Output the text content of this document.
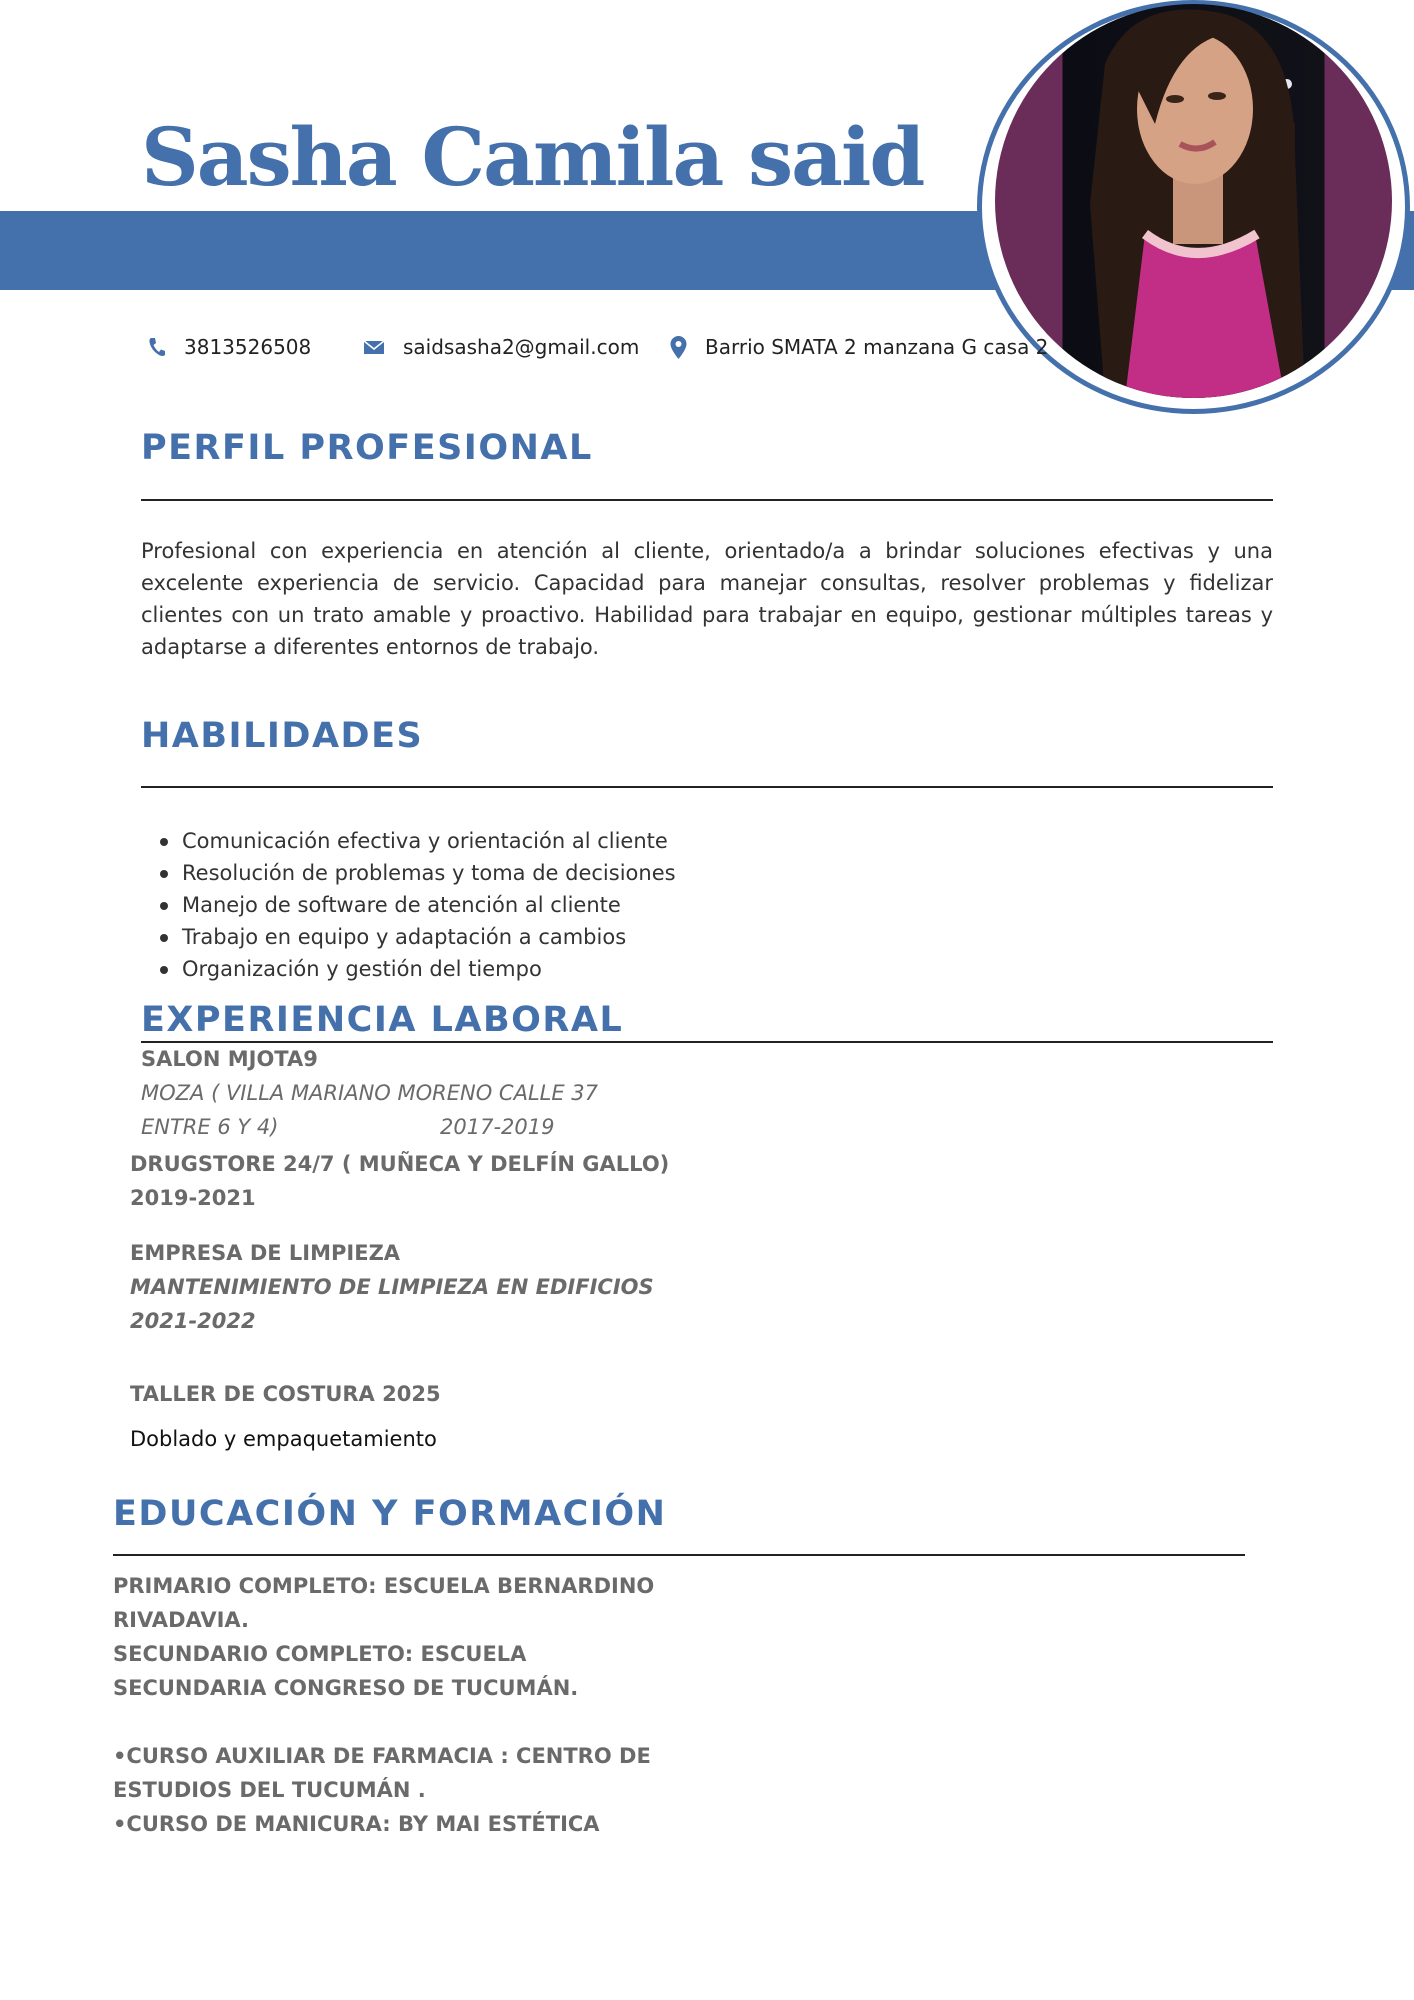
Sasha Camila said
3813526508	saidsasha2@gmail.com	Barrio SMATA 2 manzana G casa 2
PERFIL PROFESIONAL
Profesional con experiencia en atención al cliente, orientado/a a brindar soluciones efectivas y una excelente experiencia de servicio. Capacidad para manejar consultas, resolver problemas y fidelizar clientes con un trato amable y proactivo. Habilidad para trabajar en equipo, gestionar múltiples tareas y adaptarse a diferentes entornos de trabajo.
HABILIDADES
Comunicación efectiva y orientación al cliente
Resolución de problemas y toma de decisiones
Manejo de software de atención al cliente
Trabajo en equipo y adaptación a cambios
Organización y gestión del tiempo
EXPERIENCIA LABORAL
SALON MJOTA9
MOZA ( VILLA MARIANO MORENO CALLE 37
ENTRE 6 Y 4)	2017-2019
DRUGSTORE 24/7 ( MUÑECA Y DELFÍN GALLO)
2019-2021
EMPRESA DE LIMPIEZA
MANTENIMIENTO DE LIMPIEZA EN EDIFICIOS
2021-2022
TALLER DE COSTURA 2025
Doblado y empaquetamiento
EDUCACIÓN Y FORMACIÓN
PRIMARIO COMPLETO: ESCUELA BERNARDINO
RIVADAVIA.
SECUNDARIO COMPLETO: ESCUELA
SECUNDARIA CONGRESO DE TUCUMÁN.
•CURSO AUXILIAR DE FARMACIA : CENTRO DE
ESTUDIOS DEL TUCUMÁN .
•CURSO DE MANICURA: BY MAI ESTÉTICA
